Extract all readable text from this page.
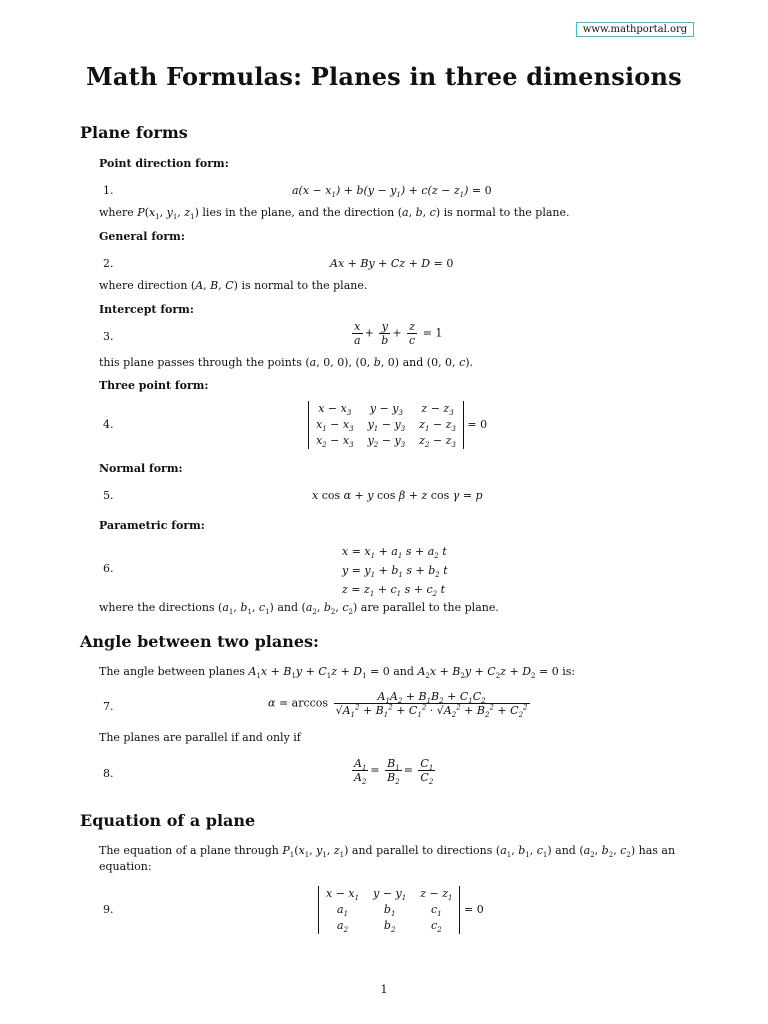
www.mathportal.org
Math Formulas: Planes in three dimensions
Plane forms
Point direction form:
1.	$a(x - x_1) + b(y - y_1) + c(z - z_1) = 0$
where $P(x_1$, $y_1$, $z_1$) lies in the plane, and the direction (a, b, c) is normal to the plane.
General form:
2.	Ax + By + Cz + D = 0
where direction (A, B, C) is normal to the plane.
Intercept form:
3.	$\frac{x}{a} + \frac{y}{b} + \frac{z}{c} = 1$
this plane passes through the points (a, 0, 0), (0, b, 0) and (0, 0, c).
Three point form:
4.
$x - x_3$	$y - y_3$	$z - z_3$
$x_1 - x_3$	$y_1 - y_3$	$z_1 - z_3$
$x_2 - x_3$	$y_2 - y_3$	$z_2 - z_3 = 0$
Normal form:
5.	x cos α + y cos β + z cos γ = p
Parametric form:
6.
$x = x_1 + a_1$ $s + a_2$ t
$y = y_1 + b_1$ $s + b_2$ t
$z = z_1 + c_1$ $s + c_2$ t
where the directions ($a_1$, $b_1$, $c_1$) and ($a_2$, $b_2$, $c_2$) are parallel to the plane.
Angle between two planes:
The angle between planes $A_1x + B_1y + C_1z + D_1 = 0$ and $A_2x + B_2y + C_2z + D_2 = 0$ is:
7.	$\alpha = \arccos \frac{A_1A_2 + B_1B_2 + C_1C_2}{√A_1^2 + B_1^2 + C_1^2 \cdot √A_2^2 + B_2^2 + C_2^2}$
The planes are parallel if and only if
8.	$\frac{A_1}{A_2} = \frac{B_1}{B_2} = \frac{C_1}{C_2}$
Equation of a plane
The equation of a plane through $P_1(x_1$, $y_1$, $z_1$) and parallel to directions ($a_1$, $b_1$, $c_1$) and ($a_2$, $b_2$, $c_2$) has an equation:
9.
$x - x_1$	$y - y_1$	$z - z_1$
$a_1$	$b_1$	$c_1$
$a_2$	$b_2$	$c_2 = 0$
1
